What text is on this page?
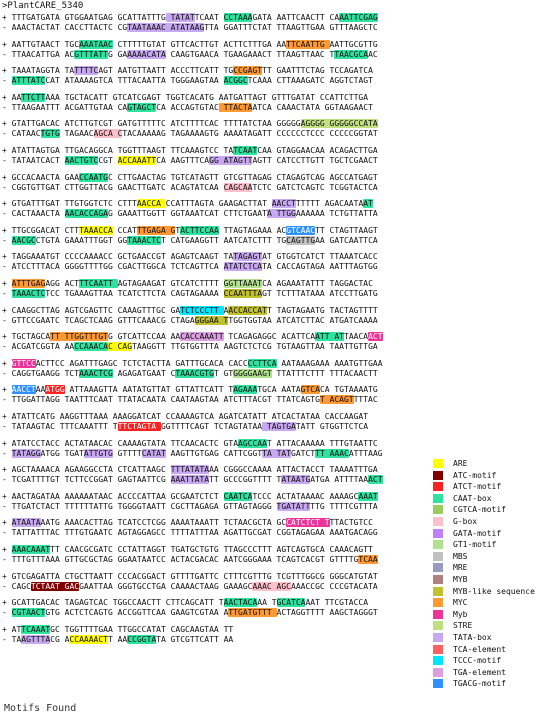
>PlantCARE_5340
+ TTTGATGATA GTGGAATGAG GCATTATTTG TATATTCAAT CCTAAAGATA AATTCAACTT CAAATTCGAG
- AAACTACTAT CACCTTACTC CGTAATAAAC ATATAAGTTA GGATTTCTAT TTAAGTTGAA GTTTAAGCTC
+ AATTGTAACT TGCAAATAAC CTTTTTGTAT GTTCACTTGT ACTTCTTTGA AATTCAATTG AATTGCGTTG
- TTAACATTGA ACGTTTATTG GAAAAACATA CAAGTGAACA TGAAGAAACT TTAAGTTAAC TTAACGCAAC
+ TAAATAGGTA TATTTTCAGT AATGTTAATT ACCCTTCATT TGCCGAGTTT GAATTTCTAG TCCAGATCA
- ATTTATCCAT ATAAAAGTCA TTTACAATTA TGGGAAGTAA ACGGCTCAAA CTTAAAGATC AGGTCTAGT
+ AATTCTTAAA TGCTACATT GTCATCGAGT TGGTCACATG AATGATTAGT GTTTGATAT CCATTCTTGA
- TTAAGAATTT ACGATTGTAA CAGTAGCTCA ACCAGTGTAC TTACTAATCA CAAACTATA GGTAAGAACT
+ GTATTGACAC ATCTTGTCGT GATGTTTTTC ATCTTTTCAC TTTTATCTAA GGGGGAGGGG GGGGGCCATA
- CATAACTGTG TAGAACAGCA CTACAAAAAG TAGAAAAGTG AAAATAGATT CCCCCCTCCC CCCCCGGTAT
+ ATATTAGTGA TTGACAGGCA TGGTTTAAGT TTCAAAGTCC TATCAATCAA GTAGGAACAA ACAGACTTGA
- TATAATCACT AACTGTCCGT ACCAAATTCA AAGTTTCAGG ATAGTTAGTT CATCCTTGTT TGCTCGAACT
+ GCCACAACTA GAACCAATGC CTTGAACTAG TGTCATAGTT GTCGTTAGAG CTAGAGTCAG AGCCATGAGT
- CGGTGTTGAT CTTGGTTACG GAACTTGATC ACAGTATCAA CAGCAATCTC GATCTCAGTC TCGGTACTCA
+ GTGATTTGAT TTGTGGTCTC CTTTAACCA CCATTTAGTA GAAGACTTAT AACCTTTTTT AGACAATAAT
- CACTAAACTA AACACCAGAG GAAATTGGTT GGTAAATCAT CTTCTGAATA TTGGAAAAAA TCTGTTATTA
+ TTGCGGACAT CTTTAAACCA CCATTTGAGA GTACTTCCAA TTAGTAGAAA ACGTCAACTT CTAGTTAAGT
- AACGCCTGTA GAAATTTGGT GGTAAACTCT CATGAAGGTT AATCATCTTT TGCAGTTGAA GATCAATTCA
+ TAGGAAATGT CCCCAAAACC GCTGAACCGT AGAGTCAAGT TATAGAGTAT GTGGTCATCT TTAAATCACC
- ATCCTTTACA GGGGTTTTGG CGACTTGGCA TCTCAGTTCA ATATCTCATA CACCAGTAGA AATTTAGTGG
+ ATTTGAGAGG ACTTTCAATT AGTAGAAGAT GTCATCTTTT GGTTAAATCA AGAAATATTT TAGGACTAC
- TAAACTCTCC TGAAAGTTAA TCATCTTCTA CAGTAGAAAA CCAATTTAGT TCTTTATAAA ATCCTTGATG
+ CAAGGCTTAG AGTCGAGTTC CAAAGTTTGC GATCTCCCTT AACCACCATT TAGTAGAATG TACTAGTTTT
- GTTCCGAATC TCAGCTCAAG GTTTCAAACG CTAGAGGGAA TTGGTGGTAA ATCATCTTAC ATGATCAAAA
+ TGCTAGCATT TTGGTTTGTG GTCATTCCAA AACACCAAATT TCAGAGAGGC ACATTCAATT ATTAACAACT
- ACGATCGGTA AACCAAACAC CAGTAAGGTT TTGTGGTTTA AAGTCTCTCG TGTAAGTTAA TAATTGTTGA
+ GTTCCACTTCC AGATTTGAGC TCTCTACTTA GATTTGCACA CACCCCTTCA AATAAAGAAA AAATGTTGAA
- CAGGTGAAGG TCTAAACTCG AGAGATGAAT CTAAACGTGT GTGGGGAAGT TTATTTCTTT TTTACAACTT
+ AACCTAAATGG ATTAAAGTTA AATATGTTAT GTTATTCATT TAGAAATGCA AATAGTCACA TGTAAAATG
- TTGGATTAGG TAATTTCAAT TTATACAATA CAATAAGTAA ATCTTTACGT TTATCAGTGT ACAGTTTTAC
+ ATATTCATG AAGGTTTAAA AAAGGATCAT CCAAAAGTCA AGATCATATT ATCACTATAA CACCAAGAT
- TATAAGTAC TTTCAAATTT TTTCTAGTA GGTTTTCAGT TCTAGTATAA TAGTGATATT GTGGTTCTCA
+ ATATCCTACC ACTATAACAC CAAAAGTATA TTCAACACTC GTAAGCCAAT ATTACAAAAA TTTGTAATTC
- TATAGGATGG TGATATTGTG GTTTTCATAT AAGTTGTGAG CATTCGGTTA TATGATCTTT AAACATTTAAG
+ AGCTAAAACA AGAAGGCCTA CTCATTAAGC TTTATATAAA CGGGCCAAAA ATTACTACCT TAAAATTTGA
- TCGATTTTGT TCTTCCGGAT GAGTAATTCG AAATTATATT GCCCGGTTTT TATAATGATGA ATTTTAAACT
+ AACTAGATAA AAAAAATAAC ACCCCATTAA GCGAATCTCT CAATCATCCC ACTATAAAAC AAAAGCAAAT
- TTGATCTACT TTTTTTATTG TGGGGTAATT CGCTTAGAGA GTTAGTAGGG TGATATTTTG TTTTCGTTTA
+ ATAATAAATG AAACACTTAG TCATCCTCGG AAAATAAATT TCTAACGCTA GCCATCTCT TTTACTGTCC
- TATTATTTAC TTTGTGAATC AGTAGGAGCC TTTTATTTAA AGATTGCGAT CGGTAGAGAA AAATGACAGG
+ AAACAAATTT CAACGCGATC CCTATTAGGT TGATGCTGTG TTAGCCCTTT AGTCAGTGCA CAAACAGTT
- TTTGTTTAAA GTTGCGCTAG GGAATAATCC ACTACGACAC AATCGGGAAA TCAGTCACGT GTTTTGTCAA
+ GTCGAGATTA CTGCTTAATT CCCACGGACT GTTTTGATTC CTTTCGTTTG TCGTTTGGCG GGGCATGTAT
- CAGCTCTAAT GACGAATTAA GGGTGCCTGA CAAAACTAAG GAAAGCAAAC AGCAAACCGC CCCGTACATA
+ GCATTGACAC TAGAGTCAC TGGCCAACTT CTTCAGCATT TAACTACAAA TGCATCAAAT TTCGTACCA
- CGTAACTGTG ACTCTCAGTG ACCGGTTCAA GAAGTCGTAA ATTGATGTTT ACTAGGTTTT AAGCTAGGGT
+ ATTCAAATGC TGGTTTTGAA TTGGCCATAT CAGCAAGTAA TT
- TAAGTTTACG ACCAAAACTT AACCGGTATA GTCGTTCATT AA
ARE
ATC-motif
ATCT-motif
CAAT-box
CGTCA-motif
G-box
GATA-motif
GT1-motif
MBS
MRE
MYB
MYB-like sequence
MYC
Myb
STRE
TATA-box
TCA-element
TCCC-motif
TGA-element
TGACG-motif
Motifs Found
